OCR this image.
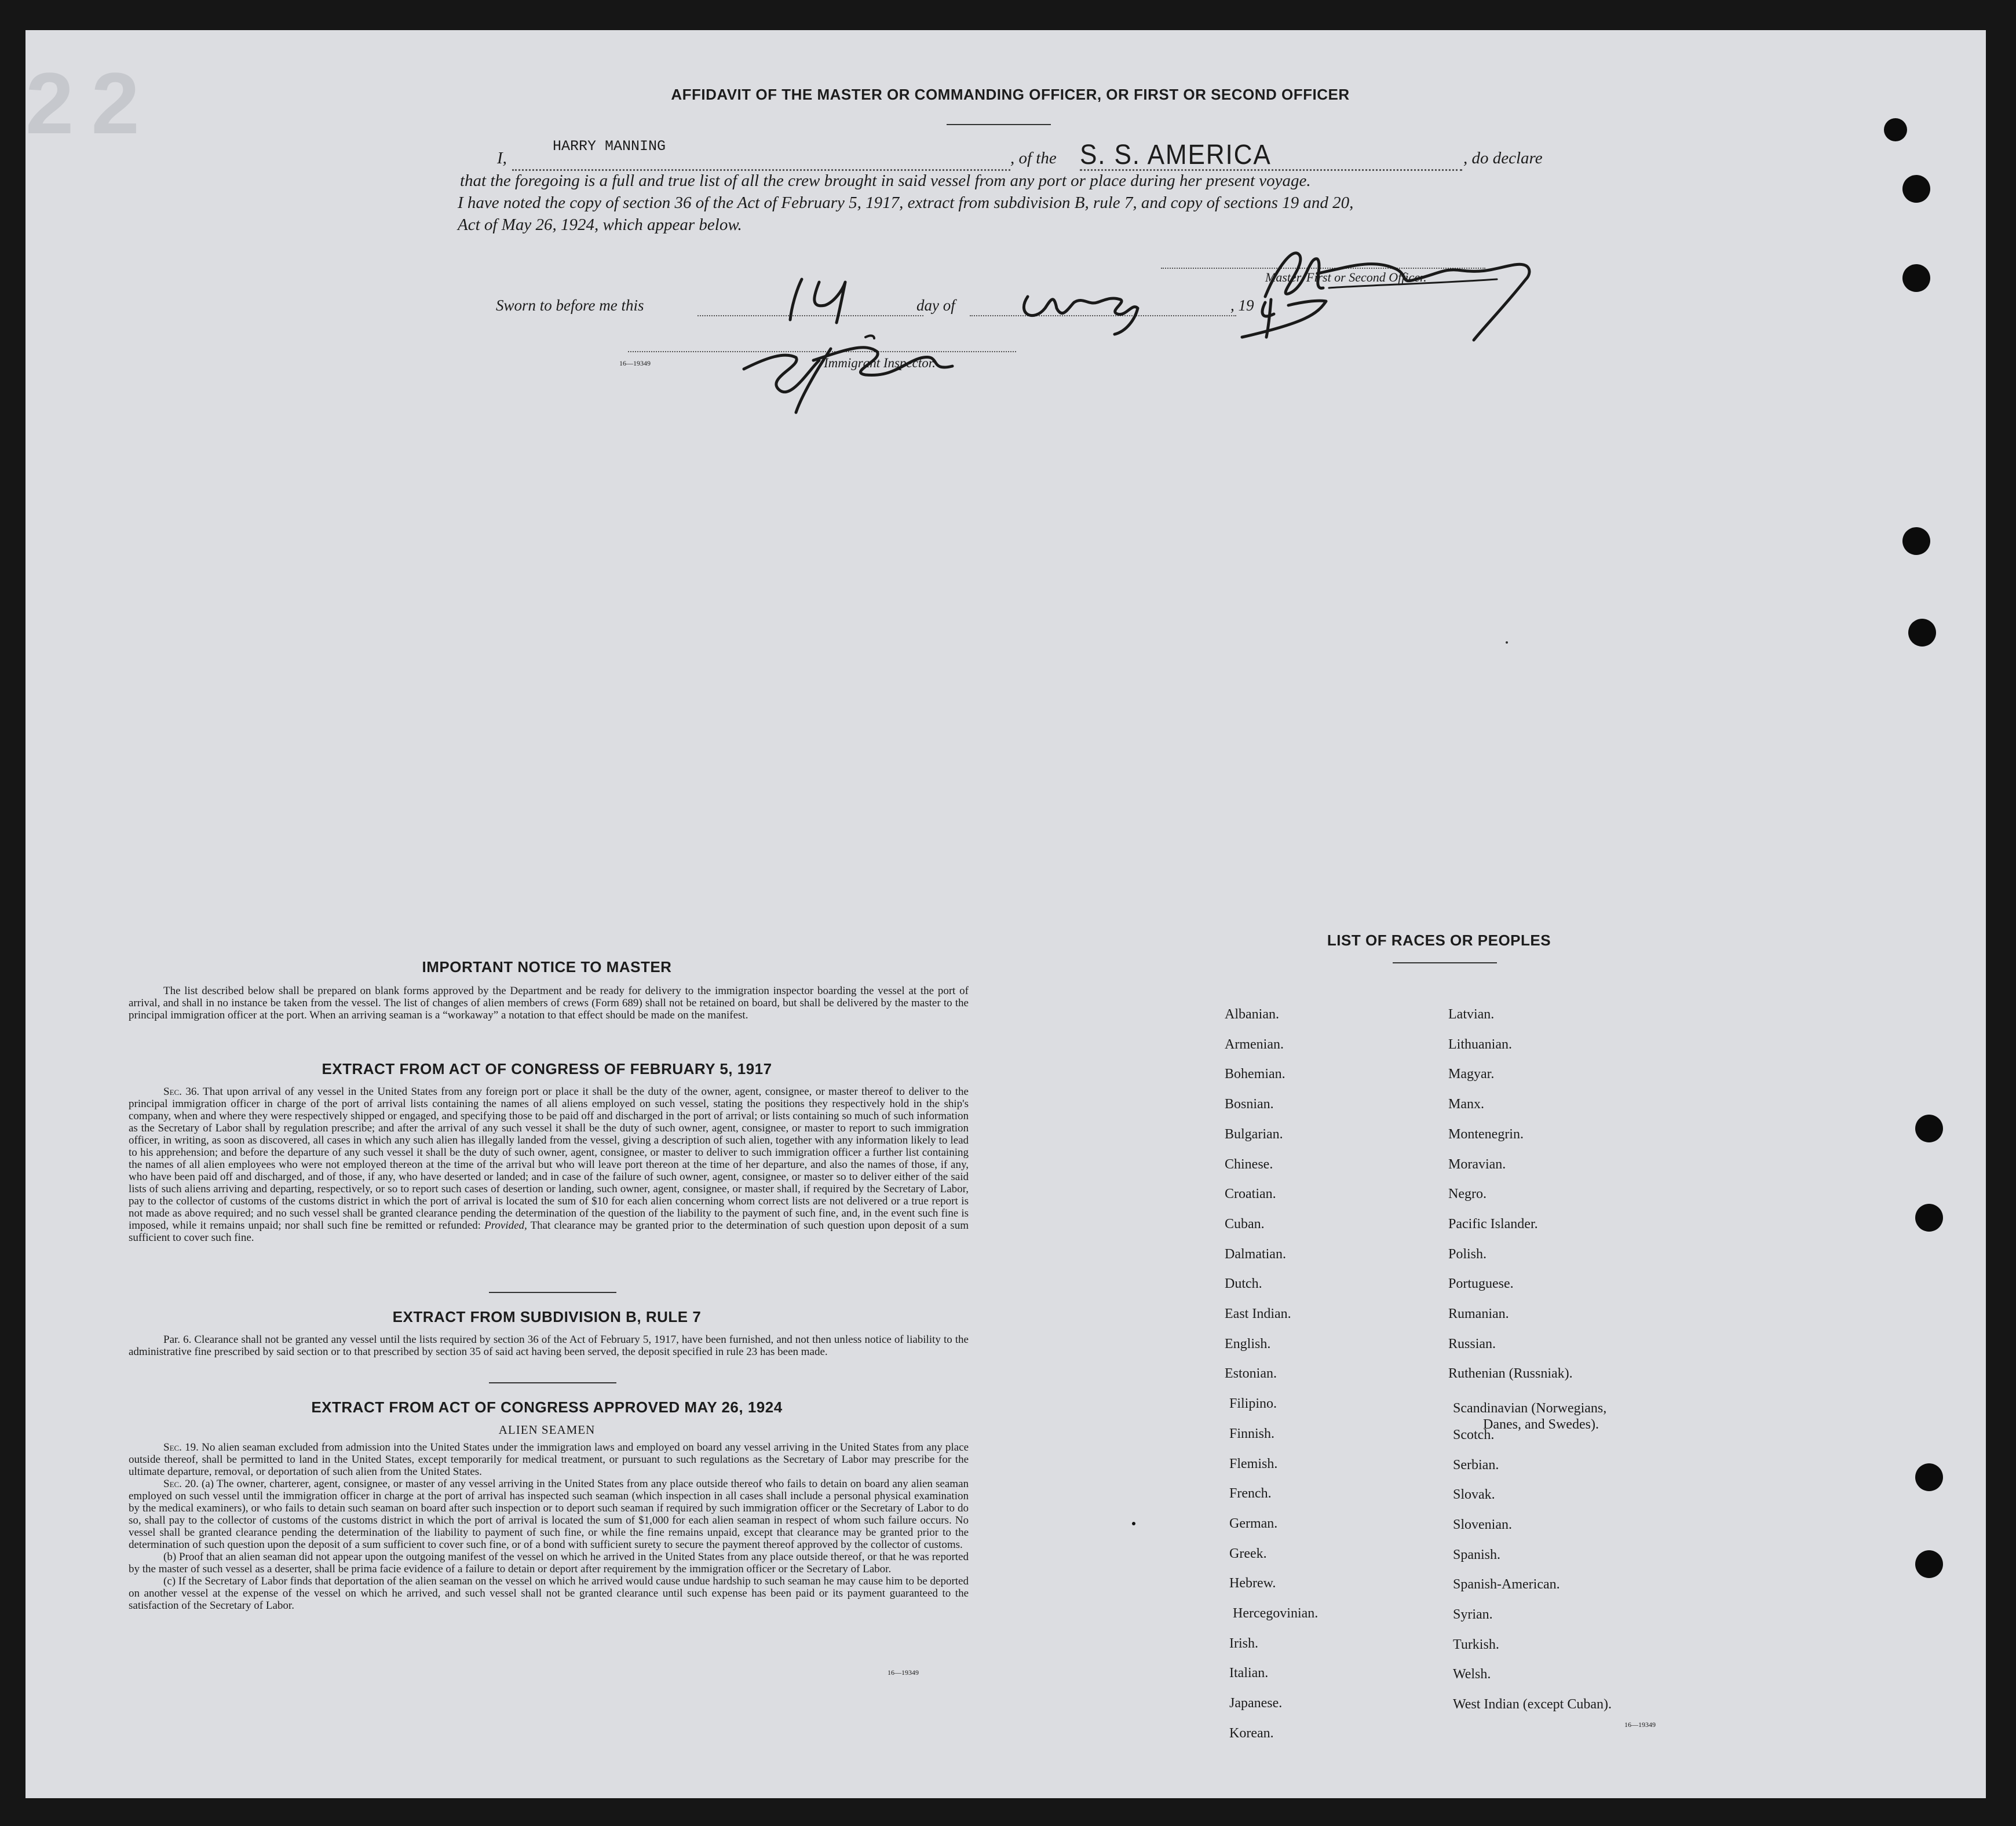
2 2	AFFIDAVIT OF THE MASTER OR COMMANDING OFFICER, OR FIRST OR SECOND OFFICER
I,
HARRY MANNING
, of the S. S. AMERICA	, do declare
that the foregoing is a full and true list of all the crew brought in said vessel from any port or place during her present voyage.
I have noted the copy of section 36 of the Act of February 5, 1917, extract from subdivision B, rule 7, and copy of sections 19 and 20,
Act of May 26, 1924, which appear below.
Master, First or Second Officer.
Sworn to before me this	day of	, 19
16—19349	Immigrant Inspector.
IMPORTANT NOTICE TO MASTER

The list described below shall be prepared on blank forms approved by the Department and be ready for delivery to the immigration inspector boarding the vessel at the port of arrival, and shall in no instance be taken from the vessel. The list of changes of alien members of crews (Form 689) shall not be retained on board, but shall be delivered by the master to the principal immigration officer at the port. When an arriving seaman is a “workaway” a notation to that effect should be made on the manifest.

EXTRACT FROM ACT OF CONGRESS OF FEBRUARY 5, 1917

Sec. 36. That upon arrival of any vessel in the United States from any foreign port or place it shall be the duty of the owner, agent, consignee, or master thereof to deliver to the principal immigration officer in charge of the port of arrival lists containing the names of all aliens employed on such vessel, stating the positions they respectively hold in the ship's company, when and where they were respectively shipped or engaged, and specifying those to be paid off and discharged in the port of arrival; or lists containing so much of such information as the Secretary of Labor shall by regulation prescribe; and after the arrival of any such vessel it shall be the duty of such owner, agent, consignee, or master to report to such immigration officer, in writing, as soon as discovered, all cases in which any such alien has illegally landed from the vessel, giving a description of such alien, together with any information likely to lead to his apprehension; and before the departure of any such vessel it shall be the duty of such owner, agent, consignee, or master to deliver to such immigration officer a further list containing the names of all alien employees who were not employed thereon at the time of the arrival but who will leave port thereon at the time of her departure, and also the names of those, if any, who have been paid off and discharged, and of those, if any, who have deserted or landed; and in case of the failure of such owner, agent, consignee, or master so to deliver either of the said lists of such aliens arriving and departing, respectively, or so to report such cases of desertion or landing, such owner, agent, consignee, or master shall, if required by the Secretary of Labor, pay to the collector of customs of the customs district in which the port of arrival is located the sum of $10 for each alien concerning whom correct lists are not delivered or a true report is not made as above required; and no such vessel shall be granted clearance pending the determination of the question of the liability to the payment of such fine, and, in the event such fine is imposed, while it remains unpaid; nor shall such fine be remitted or refunded: Provided, That clearance may be granted prior to the determination of such question upon deposit of a sum sufficient to cover such fine.

EXTRACT FROM SUBDIVISION B, RULE 7

Par. 6. Clearance shall not be granted any vessel until the lists required by section 36 of the Act of February 5, 1917, have been furnished, and not then unless notice of liability to the administrative fine prescribed by said section or to that prescribed by section 35 of said act having been served, the deposit specified in rule 23 has been made.

EXTRACT FROM ACT OF CONGRESS APPROVED MAY 26, 1924
ALIEN SEAMEN

Sec. 19. No alien seaman excluded from admission into the United States under the immigration laws and employed on board any vessel arriving in the United States from any place outside thereof, shall be permitted to land in the United States, except temporarily for medical treatment, or pursuant to such regulations as the Secretary of Labor may prescribe for the ultimate departure, removal, or deportation of such alien from the United States.

Sec. 20. (a) The owner, charterer, agent, consignee, or master of any vessel arriving in the United States from any place outside thereof who fails to detain on board any alien seaman employed on such vessel until the immigration officer in charge at the port of arrival has inspected such seaman (which inspection in all cases shall include a personal physical examination by the medical examiners), or who fails to detain such seaman on board after such inspection or to deport such seaman if required by such immigration officer or the Secretary of Labor to do so, shall pay to the collector of customs of the customs district in which the port of arrival is located the sum of $1,000 for each alien seaman in respect of whom such failure occurs. No vessel shall be granted clearance pending the determination of the liability to payment of such fine, or while the fine remains unpaid, except that clearance may be granted prior to the determination of such question upon the deposit of a sum sufficient to cover such fine, or of a bond with sufficient surety to secure the payment thereof approved by the collector of customs.

(b) Proof that an alien seaman did not appear upon the outgoing manifest of the vessel on which he arrived in the United States from any place outside thereof, or that he was reported by the master of such vessel as a deserter, shall be prima facie evidence of a failure to detain or deport after requirement by the immigration officer or the Secretary of Labor.

(c) If the Secretary of Labor finds that deportation of the alien seaman on the vessel on which he arrived would cause undue hardship to such seaman he may cause him to be deported on another vessel at the expense of the vessel on which he arrived, and such vessel shall not be granted clearance until such expense has been paid or its payment guaranteed to the satisfaction of the Secretary of Labor.

16—19349
LIST OF RACES OR PEOPLES
Albanian.
Armenian.
Bohemian.
Bosnian.
Bulgarian.
Chinese.
Croatian.
Cuban.
Dalmatian.
Dutch.
East Indian.
English.
Estonian.
Filipino.
Finnish.
Flemish.
French.
German.
Greek.
Hebrew.
Hercegovinian.
Irish.
Italian.
Japanese.
Korean.
Latvian.
Lithuanian.
Magyar.
Manx.
Montenegrin.
Moravian.
Negro.
Pacific Islander.
Polish.
Portuguese.
Rumanian.
Russian.
Ruthenian (Russniak).
Scandinavian (Norwegians,
Danes, and Swedes).
Scotch.
Serbian.
Slovak.
Slovenian.
Spanish.
Spanish-American.
Syrian.
Turkish.
Welsh.
West Indian (except Cuban).
16—19349
